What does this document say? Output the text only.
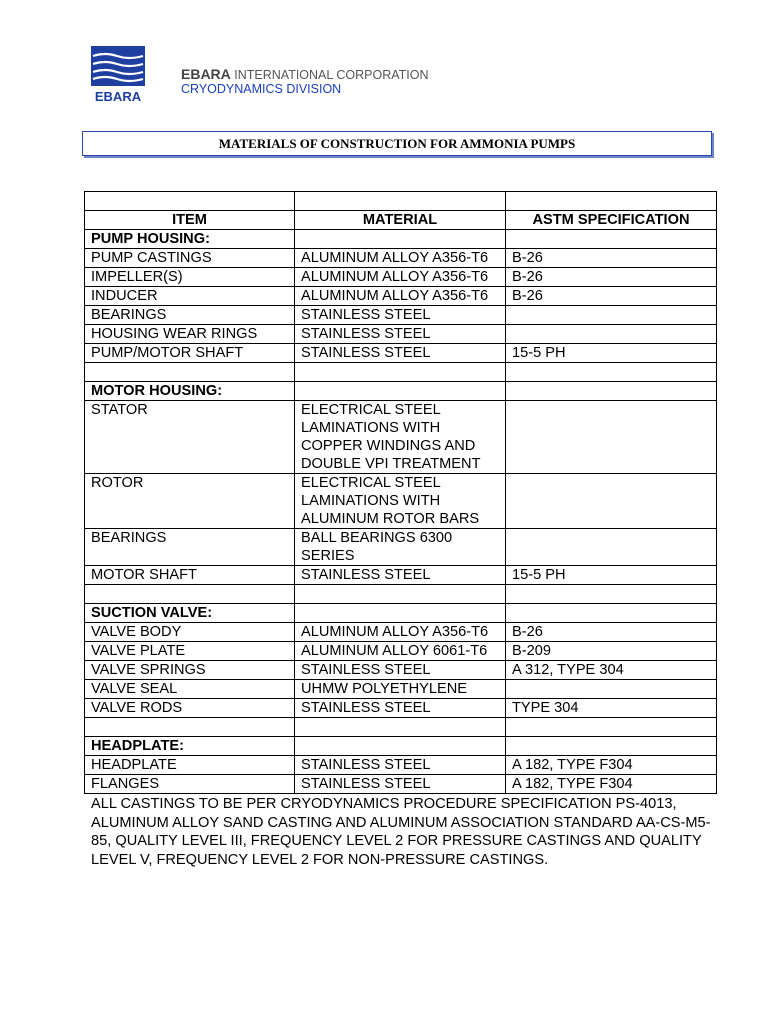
EBARA
EBARA INTERNATIONAL CORPORATION
CRYODYNAMICS DIVISION
MATERIALS OF CONSTRUCTION FOR AMMONIA PUMPS

ITEM	MATERIAL	ASTM SPECIFICATION
PUMP HOUSING:		
PUMP CASTINGS	ALUMINUM ALLOY A356-T6	B-26
IMPELLER(S)	ALUMINUM ALLOY A356-T6	B-26
INDUCER	ALUMINUM ALLOY A356-T6	B-26
BEARINGS	STAINLESS STEEL	
HOUSING WEAR RINGS	STAINLESS STEEL	
PUMP/MOTOR SHAFT	STAINLESS STEEL	15-5 PH

MOTOR HOUSING:		
STATOR	ELECTRICAL STEEL
LAMINATIONS WITH
COPPER WINDINGS AND
DOUBLE VPI TREATMENT	
ROTOR	ELECTRICAL STEEL
LAMINATIONS WITH
ALUMINUM ROTOR BARS	
BEARINGS	BALL BEARINGS 6300
SERIES	
MOTOR SHAFT	STAINLESS STEEL	15-5 PH

SUCTION VALVE:		
VALVE BODY	ALUMINUM ALLOY A356-T6	B-26
VALVE PLATE	ALUMINUM ALLOY 6061-T6	B-209
VALVE SPRINGS	STAINLESS STEEL	A 312, TYPE 304
VALVE SEAL	UHMW POLYETHYLENE	
VALVE RODS	STAINLESS STEEL	TYPE 304

HEADPLATE:		
HEADPLATE	STAINLESS STEEL	A 182, TYPE F304
FLANGES	STAINLESS STEEL	A 182, TYPE F304
ALL CASTINGS TO BE PER CRYODYNAMICS PROCEDURE SPECIFICATION PS-4013, ALUMINUM ALLOY SAND CASTING AND ALUMINUM ASSOCIATION STANDARD AA-CS-M5-85, QUALITY LEVEL III, FREQUENCY LEVEL 2 FOR PRESSURE CASTINGS AND QUALITY LEVEL V, FREQUENCY LEVEL 2 FOR NON-PRESSURE CASTINGS.
